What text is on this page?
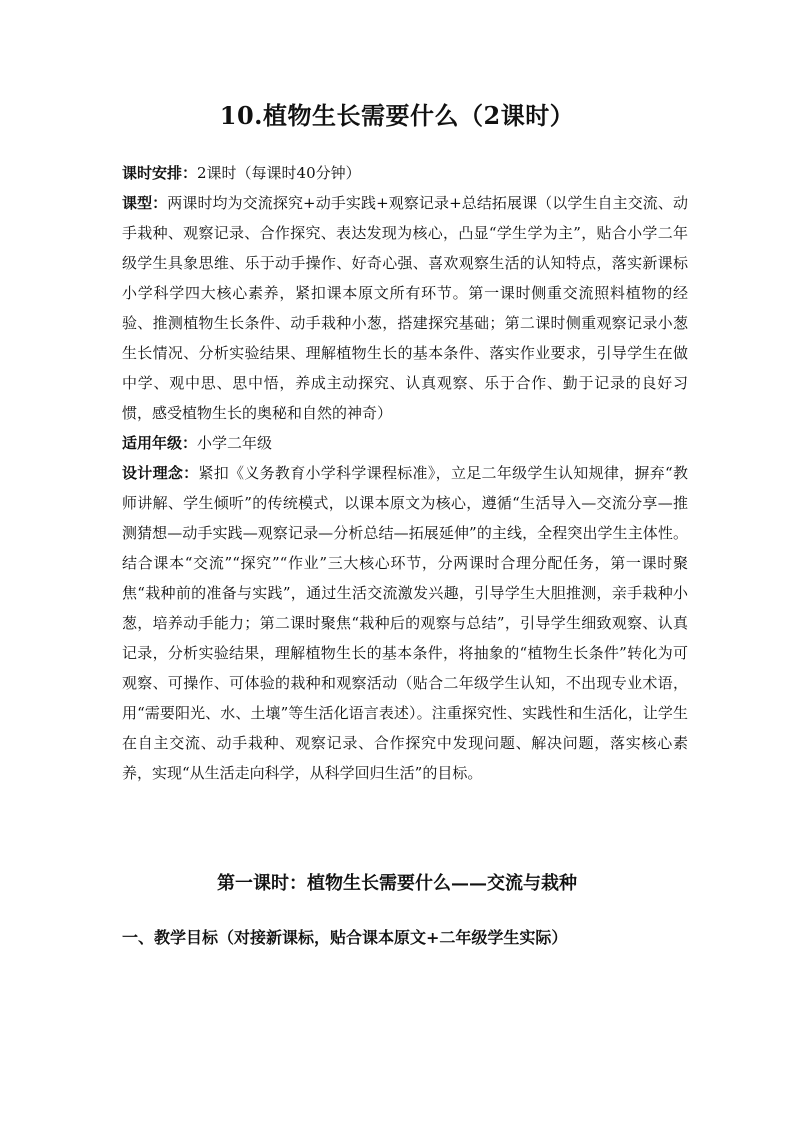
10.植物生长需要什么（2课时）

课时安排：2课时（每课时40分钟）

课型：两课时均为交流探究+动手实践+观察记录+总结拓展课（以学生自主交流、动手栽种、观察记录、合作探究、表达发现为核心，凸显“学生学为主”，贴合小学二年级学生具象思维、乐于动手操作、好奇心强、喜欢观察生活的认知特点，落实新课标小学科学四大核心素养，紧扣课本原文所有环节。第一课时侧重交流照料植物的经验、推测植物生长条件、动手栽种小葱，搭建探究基础；第二课时侧重观察记录小葱生长情况、分析实验结果、理解植物生长的基本条件、落实作业要求，引导学生在做中学、观中思、思中悟，养成主动探究、认真观察、乐于合作、勤于记录的良好习惯，感受植物生长的奥秘和自然的神奇）

适用年级：小学二年级

设计理念：紧扣《义务教育小学科学课程标准》，立足二年级学生认知规律，摒弃“教师讲解、学生倾听”的传统模式，以课本原文为核心，遵循“生活导入—交流分享—推测猜想—动手实践—观察记录—分析总结—拓展延伸”的主线，全程突出学生主体性。结合课本“交流”“探究”“作业”三大核心环节，分两课时合理分配任务，第一课时聚焦“栽种前的准备与实践”，通过生活交流激发兴趣，引导学生大胆推测，亲手栽种小葱，培养动手能力；第二课时聚焦“栽种后的观察与总结”，引导学生细致观察、认真记录，分析实验结果，理解植物生长的基本条件，将抽象的“植物生长条件”转化为可观察、可操作、可体验的栽种和观察活动（贴合二年级学生认知，不出现专业术语，用“需要阳光、水、土壤”等生活化语言表述）。注重探究性、实践性和生活化，让学生在自主交流、动手栽种、观察记录、合作探究中发现问题、解决问题，落实核心素养，实现“从生活走向科学，从科学回归生活”的目标。

第一课时：植物生长需要什么——交流与栽种
一、教学目标（对接新课标，贴合课本原文+二年级学生实际）
